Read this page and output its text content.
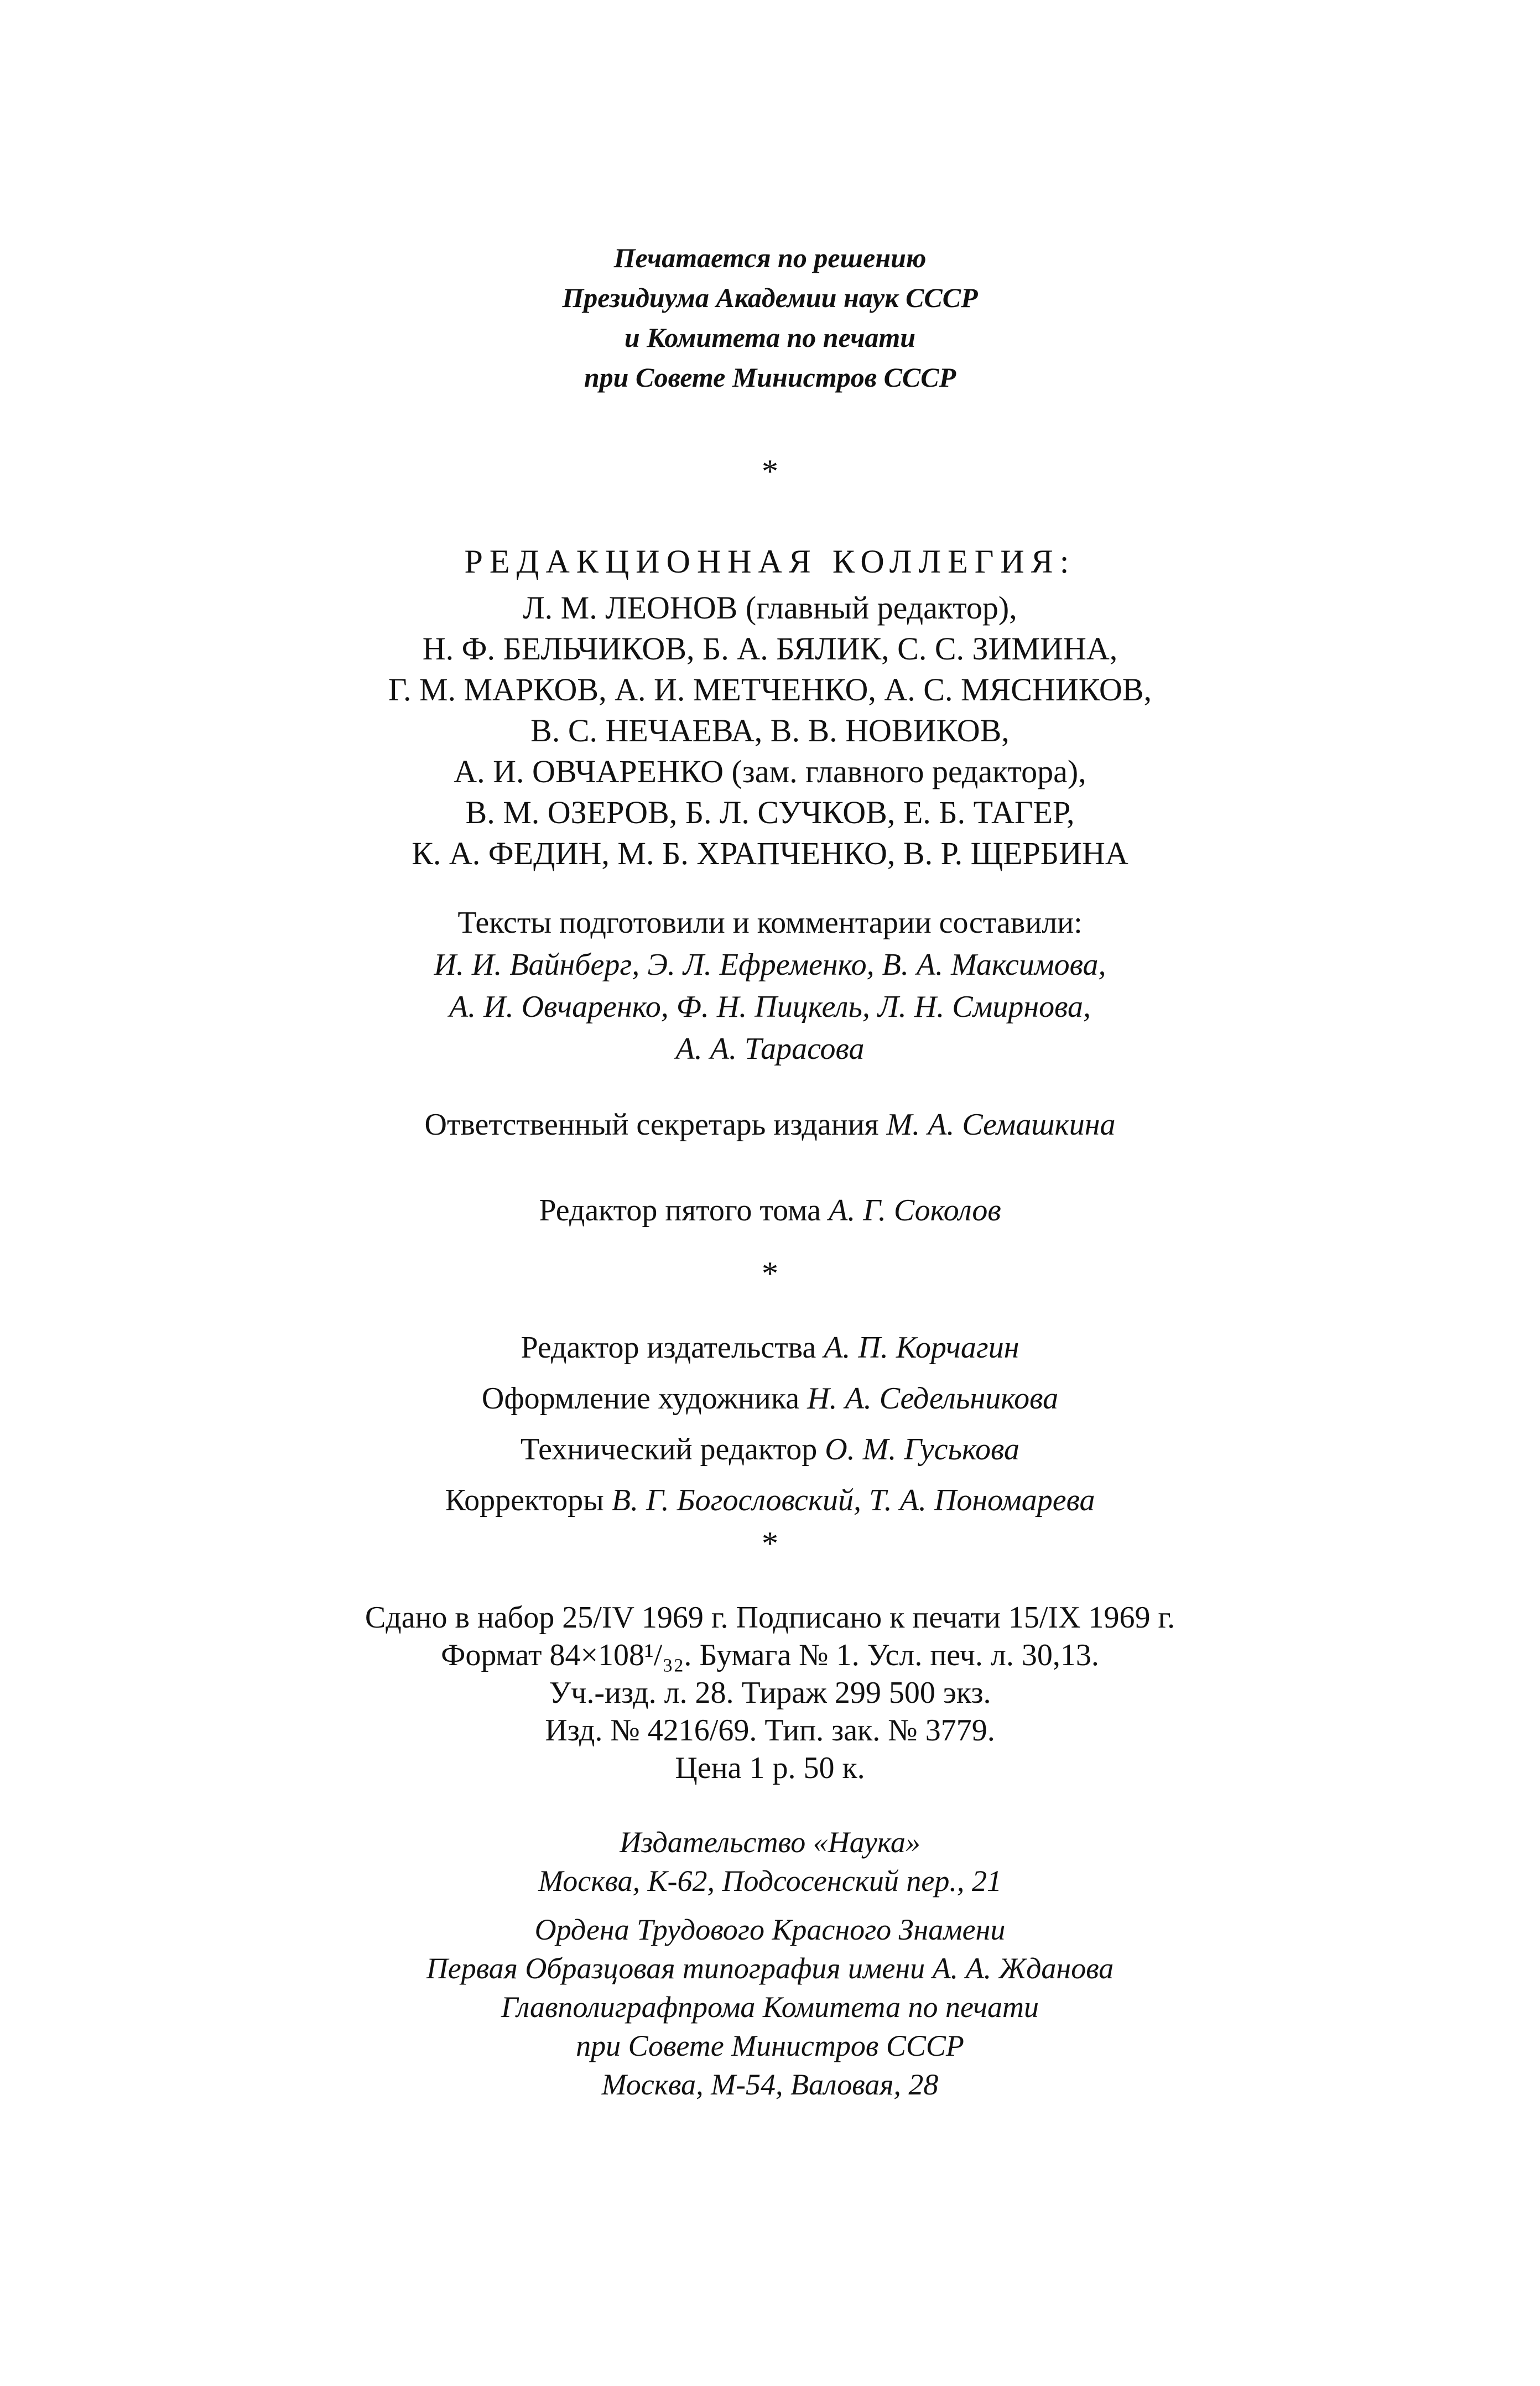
Печатается по решению
Президиума Академии наук СССР
и Комитета по печати
при Совете Министров СССР
*
РЕДАКЦИОННАЯ КОЛЛЕГИЯ:
Л. М. ЛЕОНОВ (главный редактор),
Н. Ф. БЕЛЬЧИКОВ, Б. А. БЯЛИК, С. С. ЗИМИНА,
Г. М. МАРКОВ, А. И. МЕТЧЕНКО, А. С. МЯСНИКОВ,
В. С. НЕЧАЕВА, В. В. НОВИКОВ,
А. И. ОВЧАРЕНКО (зам. главного редактора),
В. М. ОЗЕРОВ, Б. Л. СУЧКОВ, Е. Б. ТАГЕР,
К. А. ФЕДИН, М. Б. ХРАПЧЕНКО, В. Р. ЩЕРБИНА
Тексты подготовили и комментарии составили:
И. И. Вайнберг, Э. Л. Ефременко, В. А. Максимова,
А. И. Овчаренко, Ф. Н. Пицкель, Л. Н. Смирнова,
А. А. Тарасова
Ответственный секретарь издания М. А. Семашкина
Редактор пятого тома А. Г. Соколов
*
Редактор издательства А. П. Корчагин
Оформление художника Н. А. Седельникова
Технический редактор О. М. Гуськова
Корректоры В. Г. Богословский, Т. А. Пономарева
*
Сдано в набор 25/IV 1969 г. Подписано к печати 15/IX 1969 г.
Формат 84×108¹/₃₂. Бумага № 1. Усл. печ. л. 30,13.
Уч.-изд. л. 28. Тираж 299 500 экз.
Изд. № 4216/69. Тип. зак. № 3779.
Цена 1 р. 50 к.
Издательство «Наука»
Москва, К-62, Подсосенский пер., 21
Ордена Трудового Красного Знамени
Первая Образцовая типография имени А. А. Жданова
Главполиграфпрома Комитета по печати
при Совете Министров СССР
Москва, М-54, Валовая, 28
